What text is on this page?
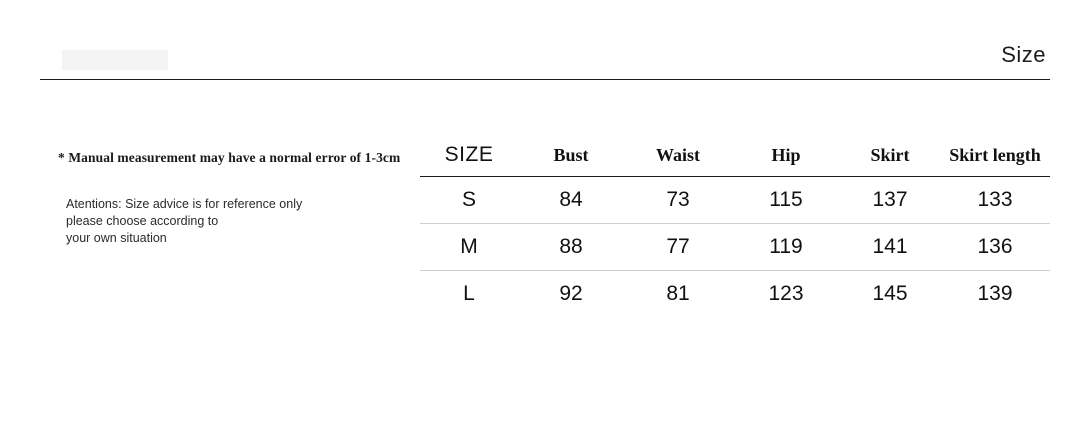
Size
* Manual measurement may have a normal error of 1-3cm
Atentions: Size advice is for reference only
please choose according to
your own situation
SIZE	Bust	Waist	Hip	Skirt	Skirt length
S	84	73	115	137	133
M	88	77	119	141	136
L	92	81	123	145	139
